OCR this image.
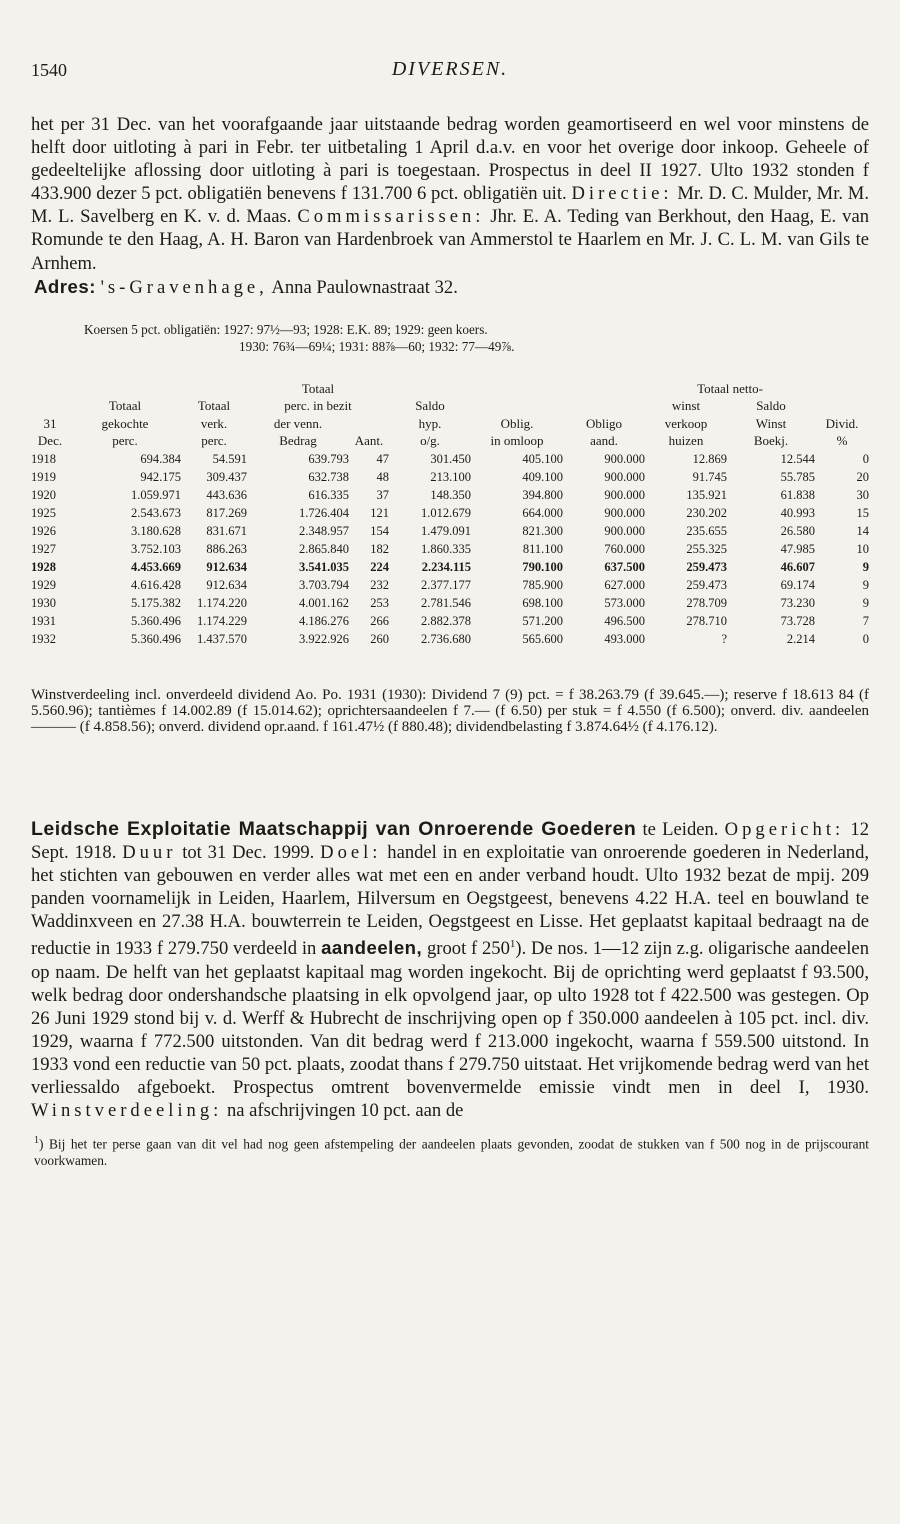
1540	DIVERSEN.

het per 31 Dec. van het voorafgaande jaar uitstaande bedrag worden geamortiseerd en wel voor minstens de helft door uitloting à pari in Febr. ter uitbetaling 1 April d.a.v. en voor het overige door inkoop. Geheele of gedeeltelijke aflossing door uitloting à pari is toegestaan. Prospectus in deel II 1927. Ulto 1932 stonden f 433.900 dezer 5 pct. obligatiën benevens f 131.700 6 pct. obligatiën uit. Directie: Mr. D. C. Mulder, Mr. M. M. L. Savelberg en K. v. d. Maas. Commissarissen: Jhr. E. A. Teding van Berkhout, den Haag, E. van Romunde te den Haag, A. H. Baron van Hardenbroek van Ammerstol te Haarlem en Mr. J. C. L. M. van Gils te Arnhem.

Adres: 's-Gravenhage, Anna Paulownastraat 32.

Koersen 5 pct. obligatiën: 1927: 97½—93; 1928: E.K. 89; 1929: geen koers.
1930: 76¾—69¼; 1931: 88⅞—60; 1932: 77—49⅞.
			Totaal					Totaal netto-			
	Totaal	Totaal	perc. in bezit		Saldo			winst	Saldo		
31	gekochte	verk.	der venn.		hyp.	Oblig.	Obligo	verkoop	Winst	Divid.	
Dec.	perc.	perc.	Bedrag	Aant.	o/g.	in omloop	aand.	huizen	Boekj.	%	
1918	694.384	54.591	639.793	47	301.450	405.100	900.000	12.869	12.544	0	
1919	942.175	309.437	632.738	48	213.100	409.100	900.000	91.745	55.785	20	
1920	1.059.971	443.636	616.335	37	148.350	394.800	900.000	135.921	61.838	30	
1925	2.543.673	817.269	1.726.404	121	1.012.679	664.000	900.000	230.202	40.993	15	
1926	3.180.628	831.671	2.348.957	154	1.479.091	821.300	900.000	235.655	26.580	14	
1927	3.752.103	886.263	2.865.840	182	1.860.335	811.100	760.000	255.325	47.985	10	
1928	4.453.669	912.634	3.541.035	224	2.234.115	790.100	637.500	259.473	46.607	9	
1929	4.616.428	912.634	3.703.794	232	2.377.177	785.900	627.000	259.473	69.174	9	
1930	5.175.382	1.174.220	4.001.162	253	2.781.546	698.100	573.000	278.709	73.230	9	
1931	5.360.496	1.174.229	4.186.276	266	2.882.378	571.200	496.500	278.710	73.728	7	
1932	5.360.496	1.437.570	3.922.926	260	2.736.680	565.600	493.000	?	2.214	0	

Winstverdeeling incl. onverdeeld dividend Ao. Po. 1931 (1930): Dividend 7 (9) pct. = f 38.263.79 (f 39.645.—); reserve f 18.613 84 (f 5.560.96); tantièmes f 14.002.89 (f 15.014.62); oprichtersaandeelen f 7.— (f 6.50) per stuk = f 4.550 (f 6.500); onverd. div. aandeelen ——— (f 4.858.56); onverd. dividend opr.aand. f 161.47½ (f 880.48); dividendbelasting f 3.874.64½ (f 4.176.12).

Leidsche Exploitatie Maatschappij van Onroerende Goederen te Leiden. Opgericht: 12 Sept. 1918. Duur tot 31 Dec. 1999. Doel: handel in en exploitatie van onroerende goederen in Nederland, het stichten van gebouwen en verder alles wat met een en ander verband houdt. Ulto 1932 bezat de mpij. 209 panden voornamelijk in Leiden, Haarlem, Hilversum en Oegstgeest, benevens 4.22 H.A. teel en bouwland te Waddinxveen en 27.38 H.A. bouwterrein te Leiden, Oegstgeest en Lisse. Het geplaatst kapitaal bedraagt na de reductie in 1933 f 279.750 verdeeld in aandeelen, groot f $250^1$). De nos. 1—12 zijn z.g. oligarische aandeelen op naam. De helft van het geplaatst kapitaal mag worden ingekocht. Bij de oprichting werd geplaatst f 93.500, welk bedrag door ondershandsche plaatsing in elk opvolgend jaar, op ulto 1928 tot f 422.500 was gestegen. Op 26 Juni 1929 stond bij v. d. Werff & Hubrecht de inschrijving open op f 350.000 aandeelen à 105 pct. incl. div. 1929, waarna f 772.500 uitstonden. Van dit bedrag werd f 213.000 ingekocht, waarna f 559.500 uitstond. In 1933 vond een reductie van 50 pct. plaats, zoodat thans f 279.750 uitstaat. Het vrijkomende bedrag werd van het verliessaldo afgeboekt. Prospectus omtrent bovenvermelde emissie vindt men in deel I, 1930. Winstverdeeling: na afschrijvingen 10 pct. aan de

$^1$) Bij het ter perse gaan van dit vel had nog geen afstempeling der aandeelen plaats gevonden, zoodat de stukken van f 500 nog in de prijscourant voorkwamen.
